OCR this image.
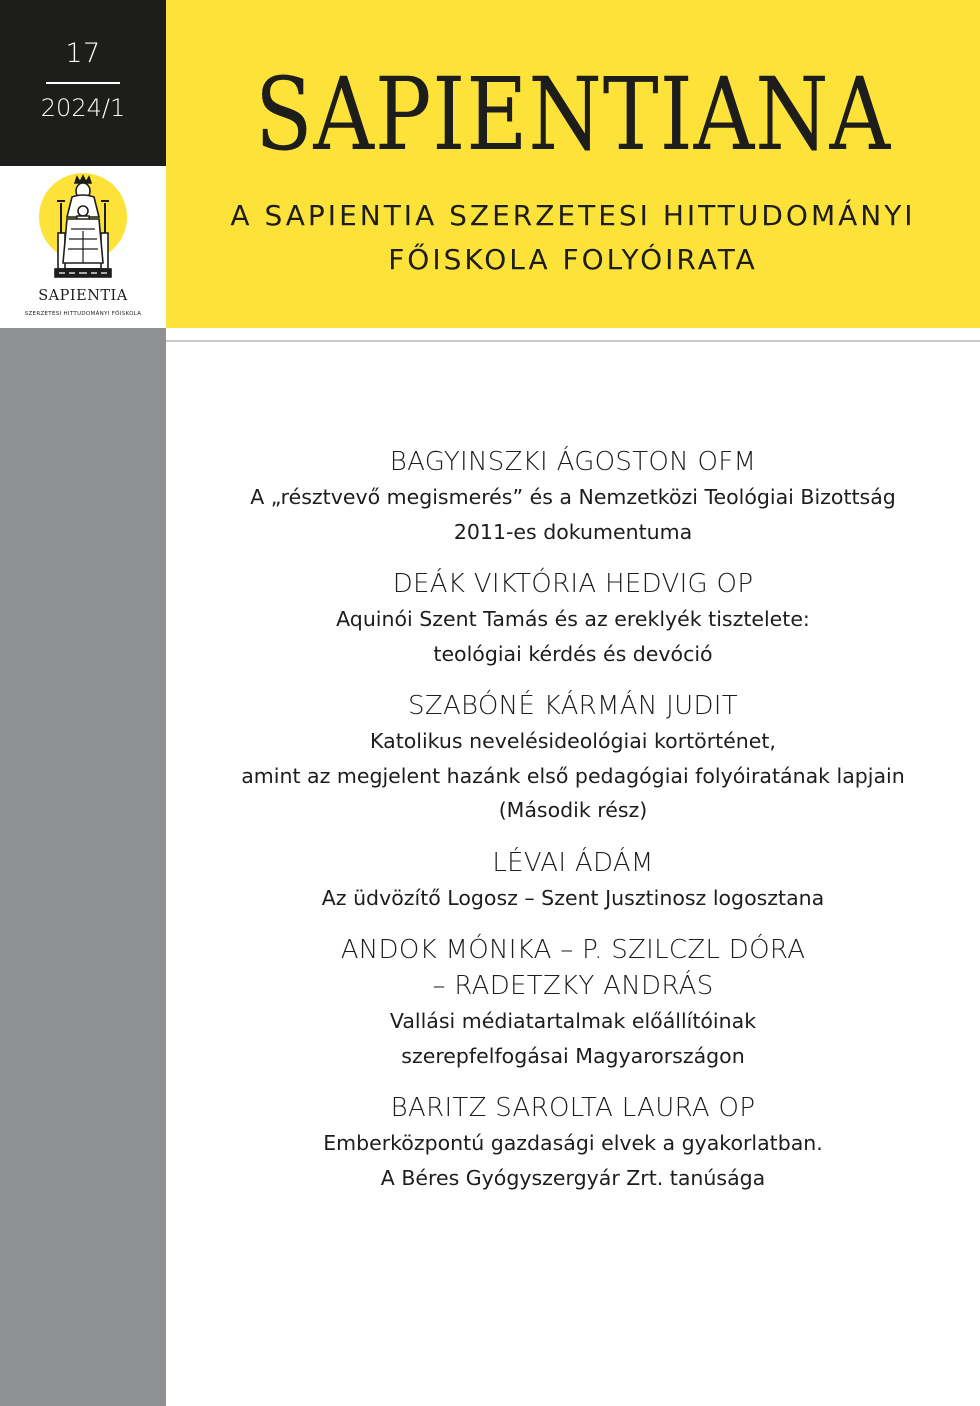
17
2024/1
SAPIENTIA
SZERZETESI HITTUDOMÁNYI FŐISKOLA
SAPIENTIANA
A SAPIENTIA SZERZETESI HITTUDOMÁNYI
FŐISKOLA FOLYÓIRATA
BAGYINSZKI ÁGOSTON OFM
A „résztvevő megismerés” és a Nemzetközi Teológiai Bizottság
2011-es dokumentuma
DEÁK VIKTÓRIA HEDVIG OP
Aquinói Szent Tamás és az ereklyék tisztelete:
teológiai kérdés és devóció
SZABÓNÉ KÁRMÁN JUDIT
Katolikus nevelésideológiai kortörténet,
amint az megjelent hazánk első pedagógiai folyóiratának lapjain
(Második rész)
LÉVAI ÁDÁM
Az üdvözítő Logosz – Szent Jusztinosz logosztana
ANDOK MÓNIKA – P. SZILCZL DÓRA
– RADETZKY ANDRÁS
Vallási médiatartalmak előállítóinak
szerepfelfogásai Magyarországon
BARITZ SAROLTA LAURA OP
Emberközpontú gazdasági elvek a gyakorlatban.
A Béres Gyógyszergyár Zrt. tanúsága
